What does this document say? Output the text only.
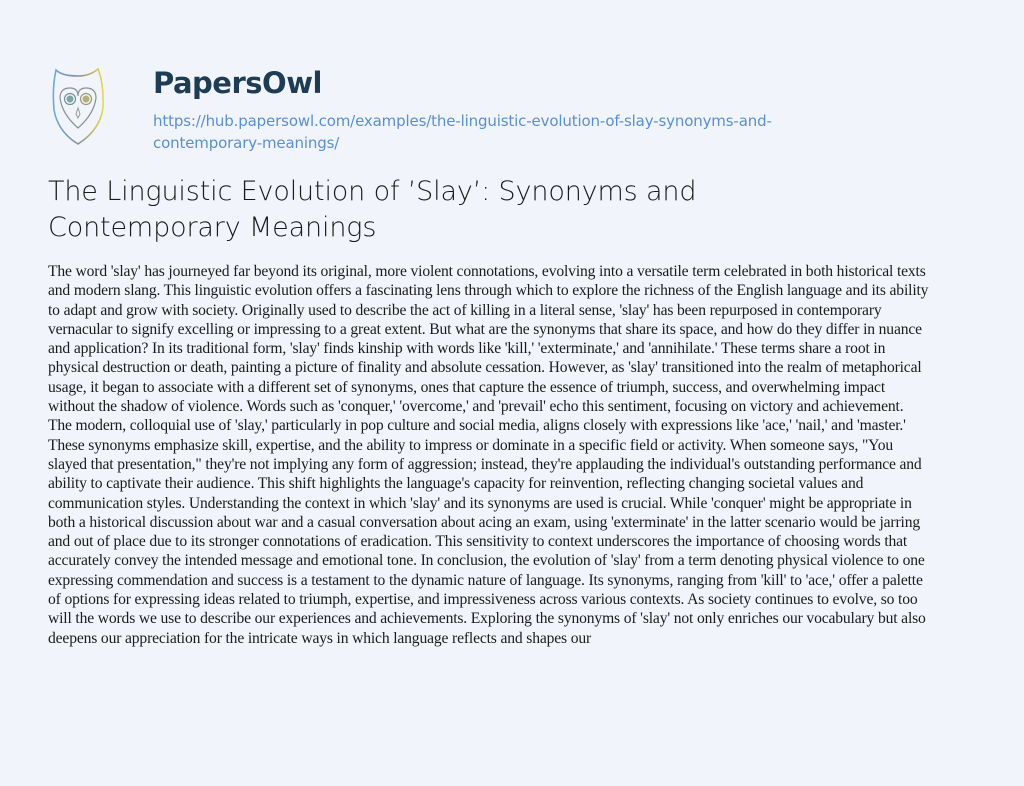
PapersOwl
https://hub.papersowl.com/examples/the-linguistic-evolution-of-slay-synonyms-and-
contemporary-meanings/
The Linguistic Evolution of ’Slay’: Synonyms and
Contemporary Meanings
The word 'slay' has journeyed far beyond its original, more violent connotations, evolving into a versatile term celebrated in both historical texts
and modern slang. This linguistic evolution offers a fascinating lens through which to explore the richness of the English language and its ability
to adapt and grow with society. Originally used to describe the act of killing in a literal sense, 'slay' has been repurposed in contemporary
vernacular to signify excelling or impressing to a great extent. But what are the synonyms that share its space, and how do they differ in nuance
and application? In its traditional form, 'slay' finds kinship with words like 'kill,' 'exterminate,' and 'annihilate.' These terms share a root in
physical destruction or death, painting a picture of finality and absolute cessation. However, as 'slay' transitioned into the realm of metaphorical
usage, it began to associate with a different set of synonyms, ones that capture the essence of triumph, success, and overwhelming impact
without the shadow of violence. Words such as 'conquer,' 'overcome,' and 'prevail' echo this sentiment, focusing on victory and achievement.
The modern, colloquial use of 'slay,' particularly in pop culture and social media, aligns closely with expressions like 'ace,' 'nail,' and 'master.'
These synonyms emphasize skill, expertise, and the ability to impress or dominate in a specific field or activity. When someone says, "You
slayed that presentation," they're not implying any form of aggression; instead, they're applauding the individual's outstanding performance and
ability to captivate their audience. This shift highlights the language's capacity for reinvention, reflecting changing societal values and
communication styles. Understanding the context in which 'slay' and its synonyms are used is crucial. While 'conquer' might be appropriate in
both a historical discussion about war and a casual conversation about acing an exam, using 'exterminate' in the latter scenario would be jarring
and out of place due to its stronger connotations of eradication. This sensitivity to context underscores the importance of choosing words that
accurately convey the intended message and emotional tone. In conclusion, the evolution of 'slay' from a term denoting physical violence to one
expressing commendation and success is a testament to the dynamic nature of language. Its synonyms, ranging from 'kill' to 'ace,' offer a palette
of options for expressing ideas related to triumph, expertise, and impressiveness across various contexts. As society continues to evolve, so too
will the words we use to describe our experiences and achievements. Exploring the synonyms of 'slay' not only enriches our vocabulary but also
deepens our appreciation for the intricate ways in which language reflects and shapes our
